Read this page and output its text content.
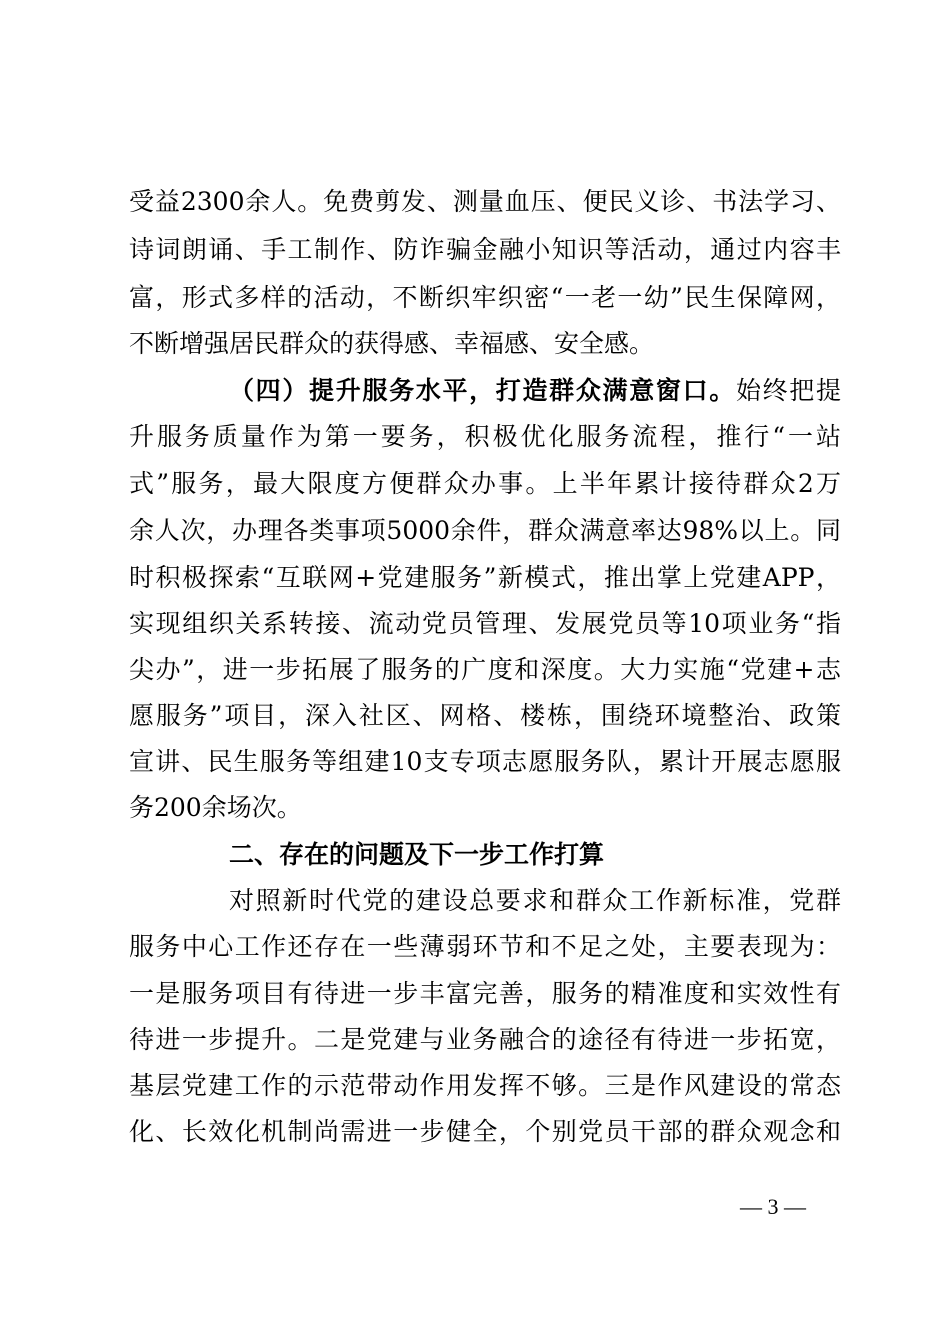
受益2300余人。免费剪发、测量血压、便民义诊、书法学习、
诗词朗诵、手工制作、防诈骗金融小知识等活动，通过内容丰
富，形式多样的活动，不断织牢织密“一老一幼”民生保障网，
不断增强居民群众的获得感、幸福感、安全感。
（四）提升服务水平，打造群众满意窗口。始终把提
升服务质量作为第一要务，积极优化服务流程，推行“一站
式”服务，最大限度方便群众办事。上半年累计接待群众2万
余人次，办理各类事项5000余件，群众满意率达98%以上。同
时积极探索“互联网+党建服务”新模式，推出掌上党建APP，
实现组织关系转接、流动党员管理、发展党员等10项业务“指
尖办”，进一步拓展了服务的广度和深度。大力实施“党建+志
愿服务”项目，深入社区、网格、楼栋，围绕环境整治、政策
宣讲、民生服务等组建10支专项志愿服务队，累计开展志愿服
务200余场次。
二、存在的问题及下一步工作打算
对照新时代党的建设总要求和群众工作新标准，党群
服务中心工作还存在一些薄弱环节和不足之处，主要表现为：
一是服务项目有待进一步丰富完善，服务的精准度和实效性有
待进一步提升。二是党建与业务融合的途径有待进一步拓宽，
基层党建工作的示范带动作用发挥不够。三是作风建设的常态
化、长效化机制尚需进一步健全，个别党员干部的群众观念和
— 3 —
